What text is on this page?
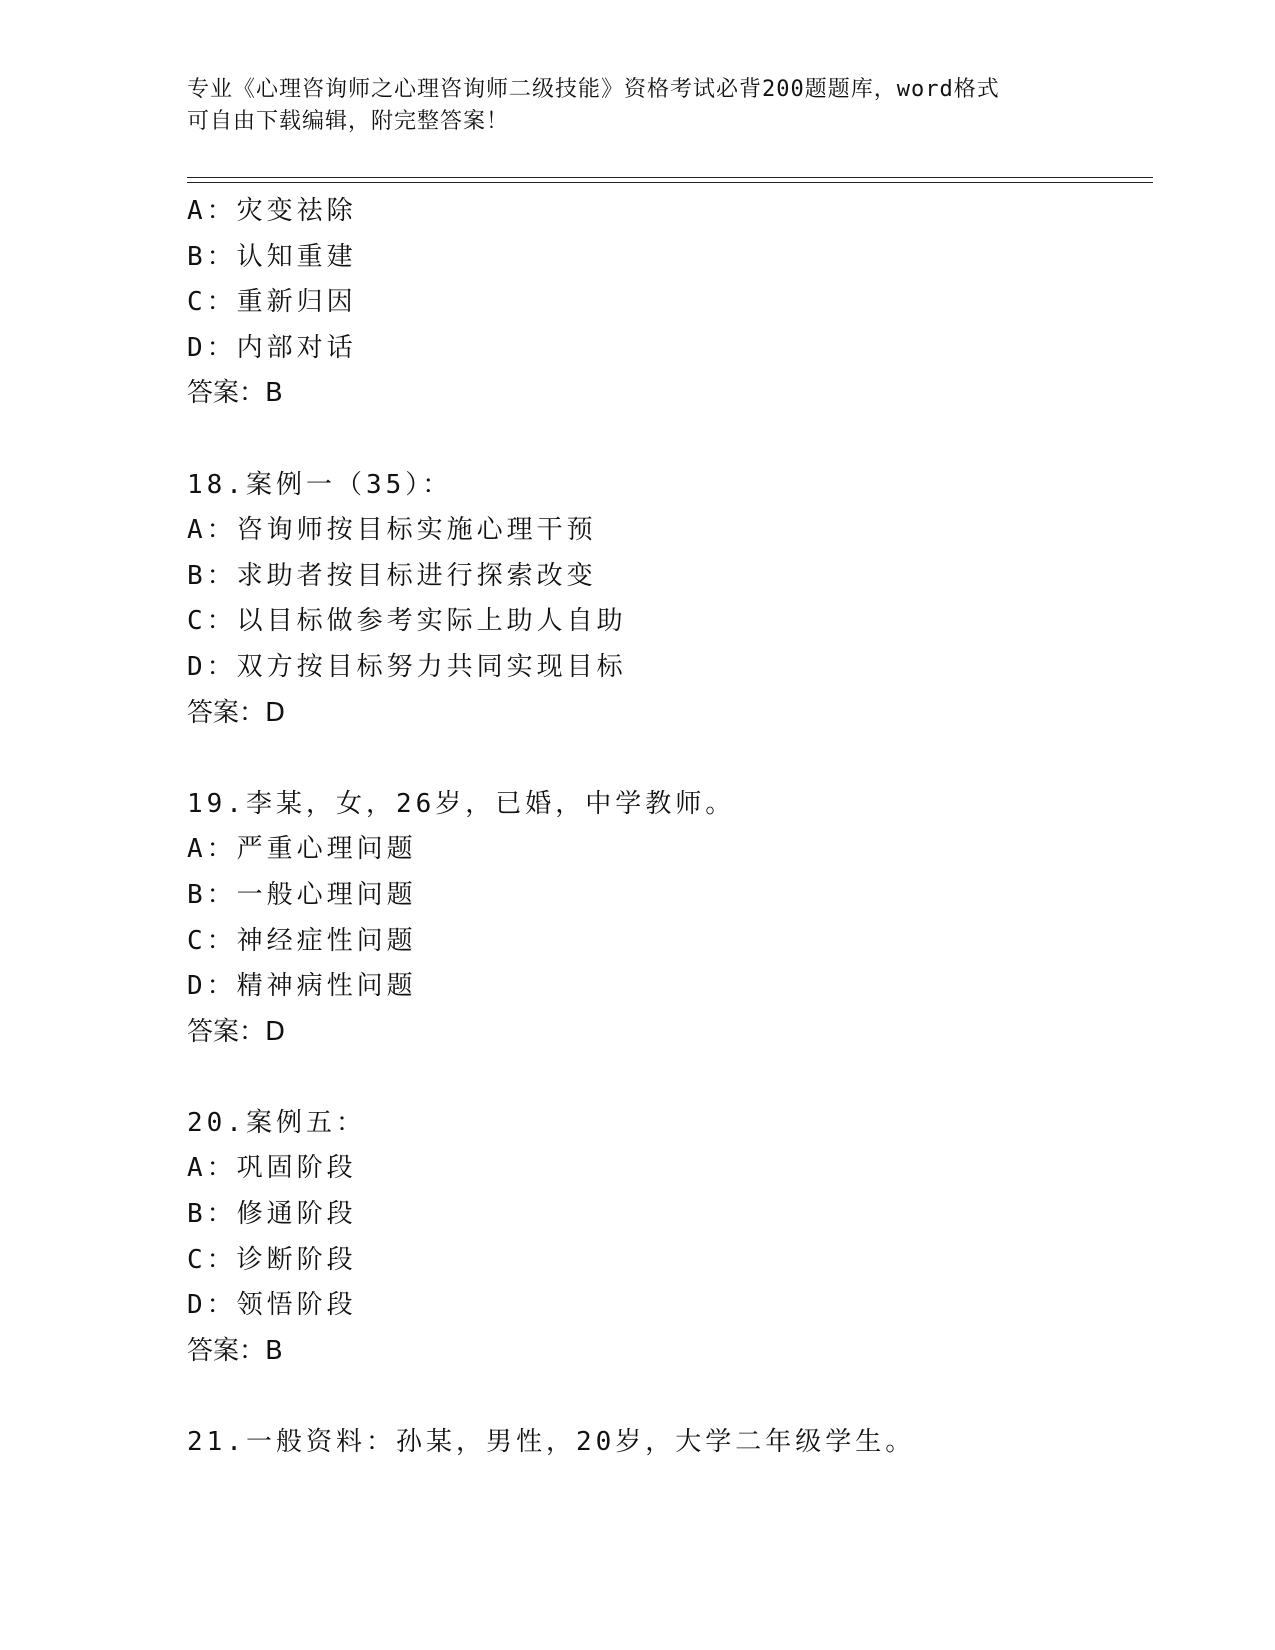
专业《心理咨询师之心理咨询师二级技能》资格考试必背200题题库，word格式
可自由下载编辑，附完整答案！
A：灾变祛除
B：认知重建
C：重新归因
D：内部对话
答案：B
18.案例一（35）：
A：咨询师按目标实施心理干预
B：求助者按目标进行探索改变
C：以目标做参考实际上助人自助
D：双方按目标努力共同实现目标
答案：D
19.李某，女，26岁，已婚，中学教师。
A：严重心理问题
B：一般心理问题
C：神经症性问题
D：精神病性问题
答案：D
20.案例五：
A：巩固阶段
B：修通阶段
C：诊断阶段
D：领悟阶段
答案：B
21.一般资料：孙某，男性，20岁，大学二年级学生。
